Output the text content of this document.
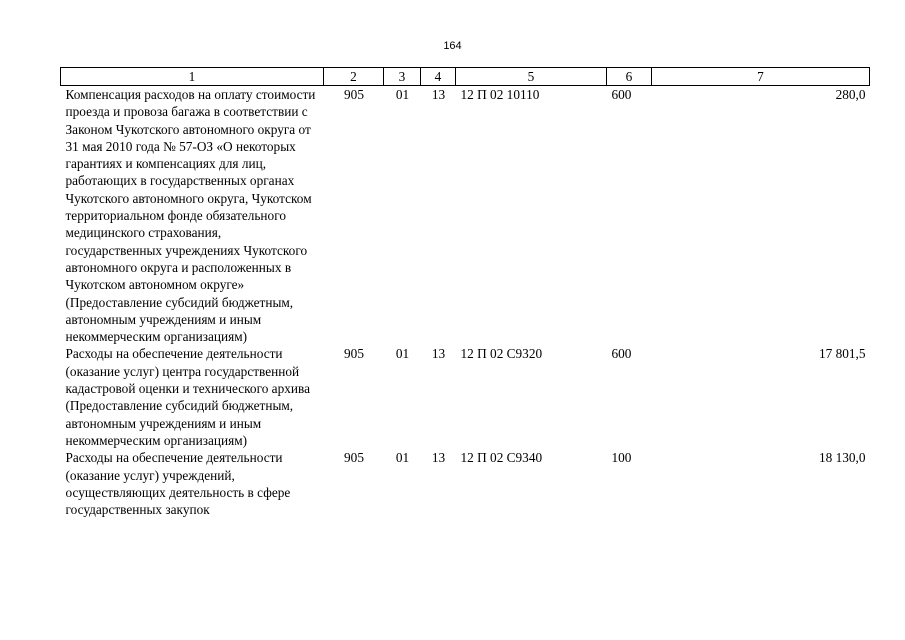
164
1	2	3	4	5	6	7
Компенсация расходов на оплату стоимости проезда и провоза багажа в соответствии с Законом Чукотского автономного округа от 31 мая 2010 года № 57-ОЗ «О некоторых гарантиях и компенсациях для лиц, работающих в государственных органах Чукотского автономного округа, Чукотском территориальном фонде обязательного медицинского страхования, государственных учреждениях Чукотского автономного округа и расположенных в Чукотском автономном округе» (Предоставление субсидий бюджетным, автономным учреждениям и иным некоммерческим организациям)	905	01	13	12 П 02 10110	600	280,0
Расходы на обеспечение деятельности (оказание услуг) центра государственной кадастровой оценки и технического архива (Предоставление субсидий бюджетным, автономным учреждениям и иным некоммерческим организациям)	905	01	13	12 П 02 С9320	600	17 801,5
Расходы на обеспечение деятельности (оказание услуг) учреждений, осуществляющих деятельность в сфере государственных закупок	905	01	13	12 П 02 С9340	100	18 130,0
